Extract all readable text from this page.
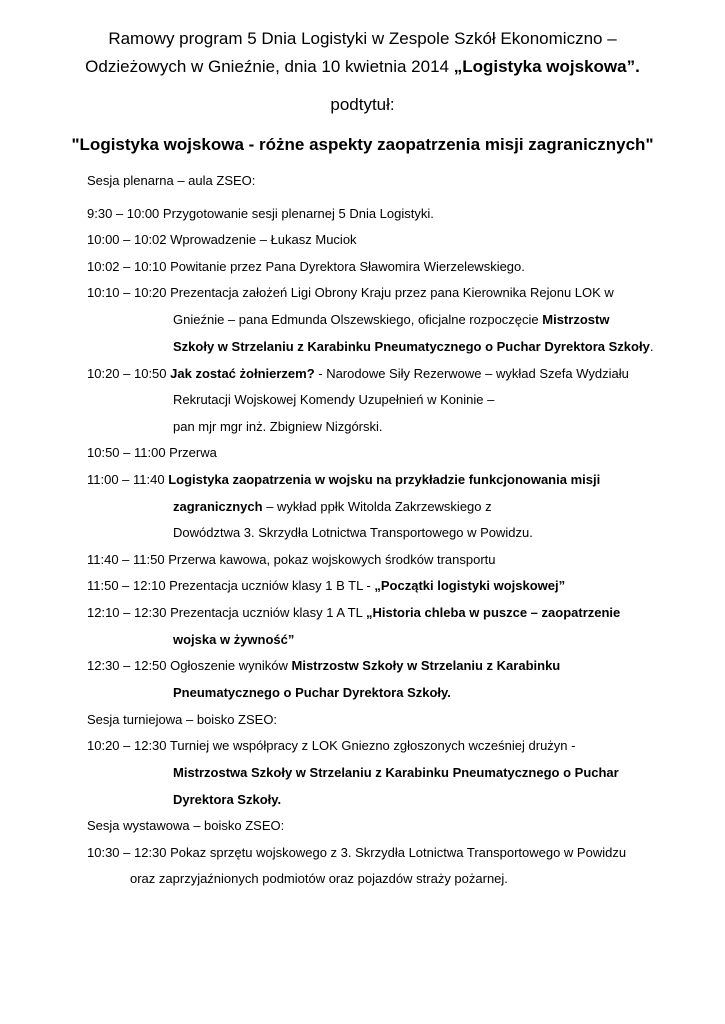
Ramowy program 5 Dnia Logistyki w Zespole Szkół Ekonomiczno –
Odzieżowych w Gnieźnie, dnia 10 kwietnia 2014 „Logistyka wojskowa”.
podtytuł:
"Logistyka wojskowa - różne aspekty zaopatrzenia misji zagranicznych"
Sesja plenarna – aula ZSEO:
9:30 – 10:00 Przygotowanie sesji plenarnej 5 Dnia Logistyki.
10:00 – 10:02 Wprowadzenie – Łukasz Muciok
10:02 – 10:10 Powitanie przez Pana Dyrektora Sławomira Wierzelewskiego.
10:10 – 10:20 Prezentacja założeń Ligi Obrony Kraju przez pana Kierownika Rejonu LOK w
Gnieźnie – pana Edmunda Olszewskiego, oficjalne rozpoczęcie Mistrzostw
Szkoły w Strzelaniu z Karabinku Pneumatycznego o Puchar Dyrektora Szkoły.
10:20 – 10:50 Jak zostać żołnierzem? - Narodowe Siły Rezerwowe – wykład Szefa Wydziału
Rekrutacji Wojskowej Komendy Uzupełnień w Koninie –
pan mjr mgr inż. Zbigniew Nizgórski.
10:50 – 11:00 Przerwa
11:00 – 11:40 Logistyka zaopatrzenia w wojsku na przykładzie funkcjonowania misji
zagranicznych – wykład ppłk Witolda Zakrzewskiego z
Dowództwa 3. Skrzydła Lotnictwa Transportowego w Powidzu.
11:40 – 11:50 Przerwa kawowa, pokaz wojskowych środków transportu
11:50 – 12:10 Prezentacja uczniów klasy 1 B TL - „Początki logistyki wojskowej”
12:10 – 12:30 Prezentacja uczniów klasy 1 A TL „Historia chleba w puszce – zaopatrzenie
wojska w żywność”
12:30 – 12:50 Ogłoszenie wyników Mistrzostw Szkoły w Strzelaniu z Karabinku
Pneumatycznego o Puchar Dyrektora Szkoły.
Sesja turniejowa – boisko ZSEO:
10:20 – 12:30 Turniej we współpracy z LOK Gniezno zgłoszonych wcześniej drużyn -
Mistrzostwa Szkoły w Strzelaniu z Karabinku Pneumatycznego o Puchar
Dyrektora Szkoły.
Sesja wystawowa – boisko ZSEO:
10:30 – 12:30 Pokaz sprzętu wojskowego z 3. Skrzydła Lotnictwa Transportowego w Powidzu
oraz zaprzyjaźnionych podmiotów oraz pojazdów straży pożarnej.
